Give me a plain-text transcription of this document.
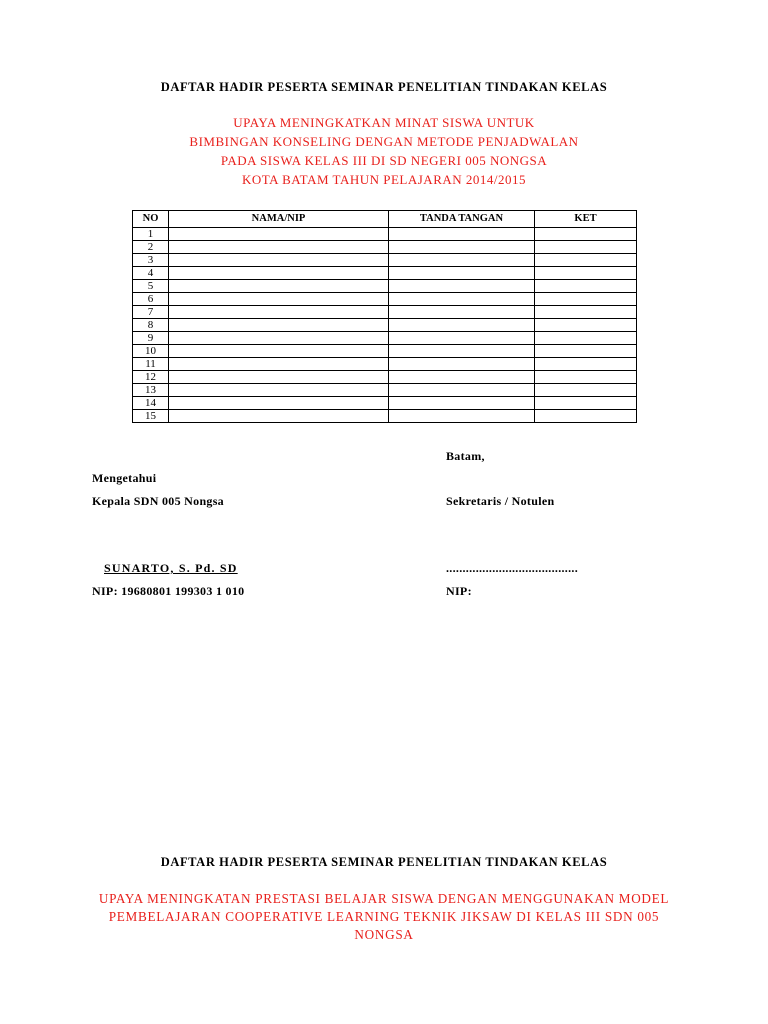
DAFTAR HADIR PESERTA SEMINAR PENELITIAN TINDAKAN KELAS
UPAYA MENINGKATKAN MINAT SISWA UNTUK
BIMBINGAN KONSELING DENGAN METODE PENJADWALAN
PADA SISWA KELAS III DI SD NEGERI 005 NONGSA
KOTA BATAM TAHUN PELAJARAN 2014/2015
NO	NAMA/NIP	TANDA TANGAN	KET
1			
2			
3			
4			
5			
6			
7			
8			
9			
10			
11			
12			
13			
14			
15			
Batam,
Mengetahui
Kepala SDN 005 Nongsa	Sekretaris / Notulen
SUNARTO, S. Pd. SD	........................................
NIP: 19680801 199303 1 010	NIP:
DAFTAR HADIR PESERTA SEMINAR PENELITIAN TINDAKAN KELAS
UPAYA MENINGKATAN PRESTASI BELAJAR SISWA DENGAN MENGGUNAKAN MODEL
PEMBELAJARAN COOPERATIVE LEARNING TEKNIK JIKSAW DI KELAS III SDN 005
NONGSA
